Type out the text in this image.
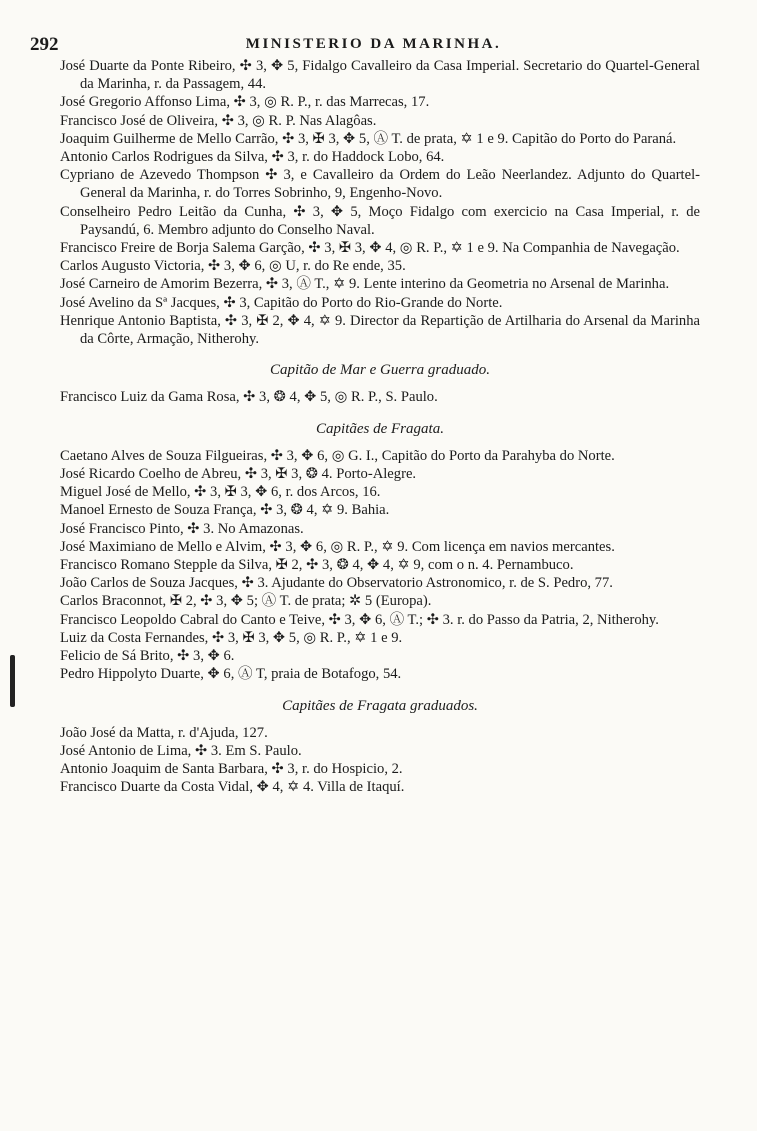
292	MINISTERIO DA MARINHA.
José Duarte da Ponte Ribeiro, ✣ 3, ✥ 5, Fidalgo Cavalleiro da Casa Imperial. Secretario do Quartel-General da Marinha, r. da Passagem, 44.
José Gregorio Affonso Lima, ✣ 3, ◎ R. P., r. das Marrecas, 17.
Francisco José de Oliveira, ✣ 3, ◎ R. P. Nas Alagôas.
Joaquim Guilherme de Mello Carrão, ✣ 3, ✠ 3, ✥ 5, Ⓐ T. de prata, ✡ 1 e 9. Capitão do Porto do Paraná.
Antonio Carlos Rodrigues da Silva, ✣ 3, r. do Haddock Lobo, 64.
Cypriano de Azevedo Thompson ✣ 3, e Cavalleiro da Ordem do Leão Neerlandez. Adjunto do Quartel-General da Marinha, r. do Torres Sobrinho, 9, Engenho-Novo.
Conselheiro Pedro Leitão da Cunha, ✣ 3, ✥ 5, Moço Fidalgo com exercicio na Casa Imperial, r. de Paysandú, 6. Membro adjunto do Conselho Naval.
Francisco Freire de Borja Salema Garção, ✣ 3, ✠ 3, ✥ 4, ◎ R. P., ✡ 1 e 9. Na Companhia de Navegação.
Carlos Augusto Victoria, ✣ 3, ✥ 6, ◎ U, r. do Re ende, 35.
José Carneiro de Amorim Bezerra, ✣ 3, Ⓐ T., ✡ 9. Lente interino da Geometria no Arsenal de Marinha.
José Avelino da Sª Jacques, ✣ 3, Capitão do Porto do Rio-Grande do Norte.
Henrique Antonio Baptista, ✣ 3, ✠ 2, ✥ 4, ✡ 9. Director da Repartição de Artilharia do Arsenal da Marinha da Côrte, Armação, Nitherohy.
Capitão de Mar e Guerra graduado.
Francisco Luiz da Gama Rosa, ✣ 3, ❂ 4, ✥ 5, ◎ R. P., S. Paulo.
Capitães de Fragata.
Caetano Alves de Souza Filgueiras, ✣ 3, ✥ 6, ◎ G. I., Capitão do Porto da Parahyba do Norte.
José Ricardo Coelho de Abreu, ✣ 3, ✠ 3, ❂ 4. Porto-Alegre.
Miguel José de Mello, ✣ 3, ✠ 3, ✥ 6, r. dos Arcos, 16.
Manoel Ernesto de Souza França, ✣ 3, ❂ 4, ✡ 9. Bahia.
José Francisco Pinto, ✣ 3. No Amazonas.
José Maximiano de Mello e Alvim, ✣ 3, ✥ 6, ◎ R. P., ✡ 9. Com licença em navios mercantes.
Francisco Romano Stepple da Silva, ✠ 2, ✣ 3, ❂ 4, ✥ 4, ✡ 9, com o n. 4. Pernambuco.
João Carlos de Souza Jacques, ✣ 3. Ajudante do Observatorio Astronomico, r. de S. Pedro, 77.
Carlos Braconnot, ✠ 2, ✣ 3, ✥ 5; Ⓐ T. de prata; ✲ 5 (Europa).
Francisco Leopoldo Cabral do Canto e Teive, ✣ 3, ✥ 6, Ⓐ T.; ✣ 3. r. do Passo da Patria, 2, Nitherohy.
Luiz da Costa Fernandes, ✣ 3, ✠ 3, ✥ 5, ◎ R. P., ✡ 1 e 9.
Felicio de Sá Brito, ✣ 3, ✥ 6.
Pedro Hippolyto Duarte, ✥ 6, Ⓐ T, praia de Botafogo, 54.
Capitães de Fragata graduados.
João José da Matta, r. d'Ajuda, 127.
José Antonio de Lima, ✣ 3. Em S. Paulo.
Antonio Joaquim de Santa Barbara, ✣ 3, r. do Hospicio, 2.
Francisco Duarte da Costa Vidal, ✥ 4, ✡ 4. Villa de Itaquí.
